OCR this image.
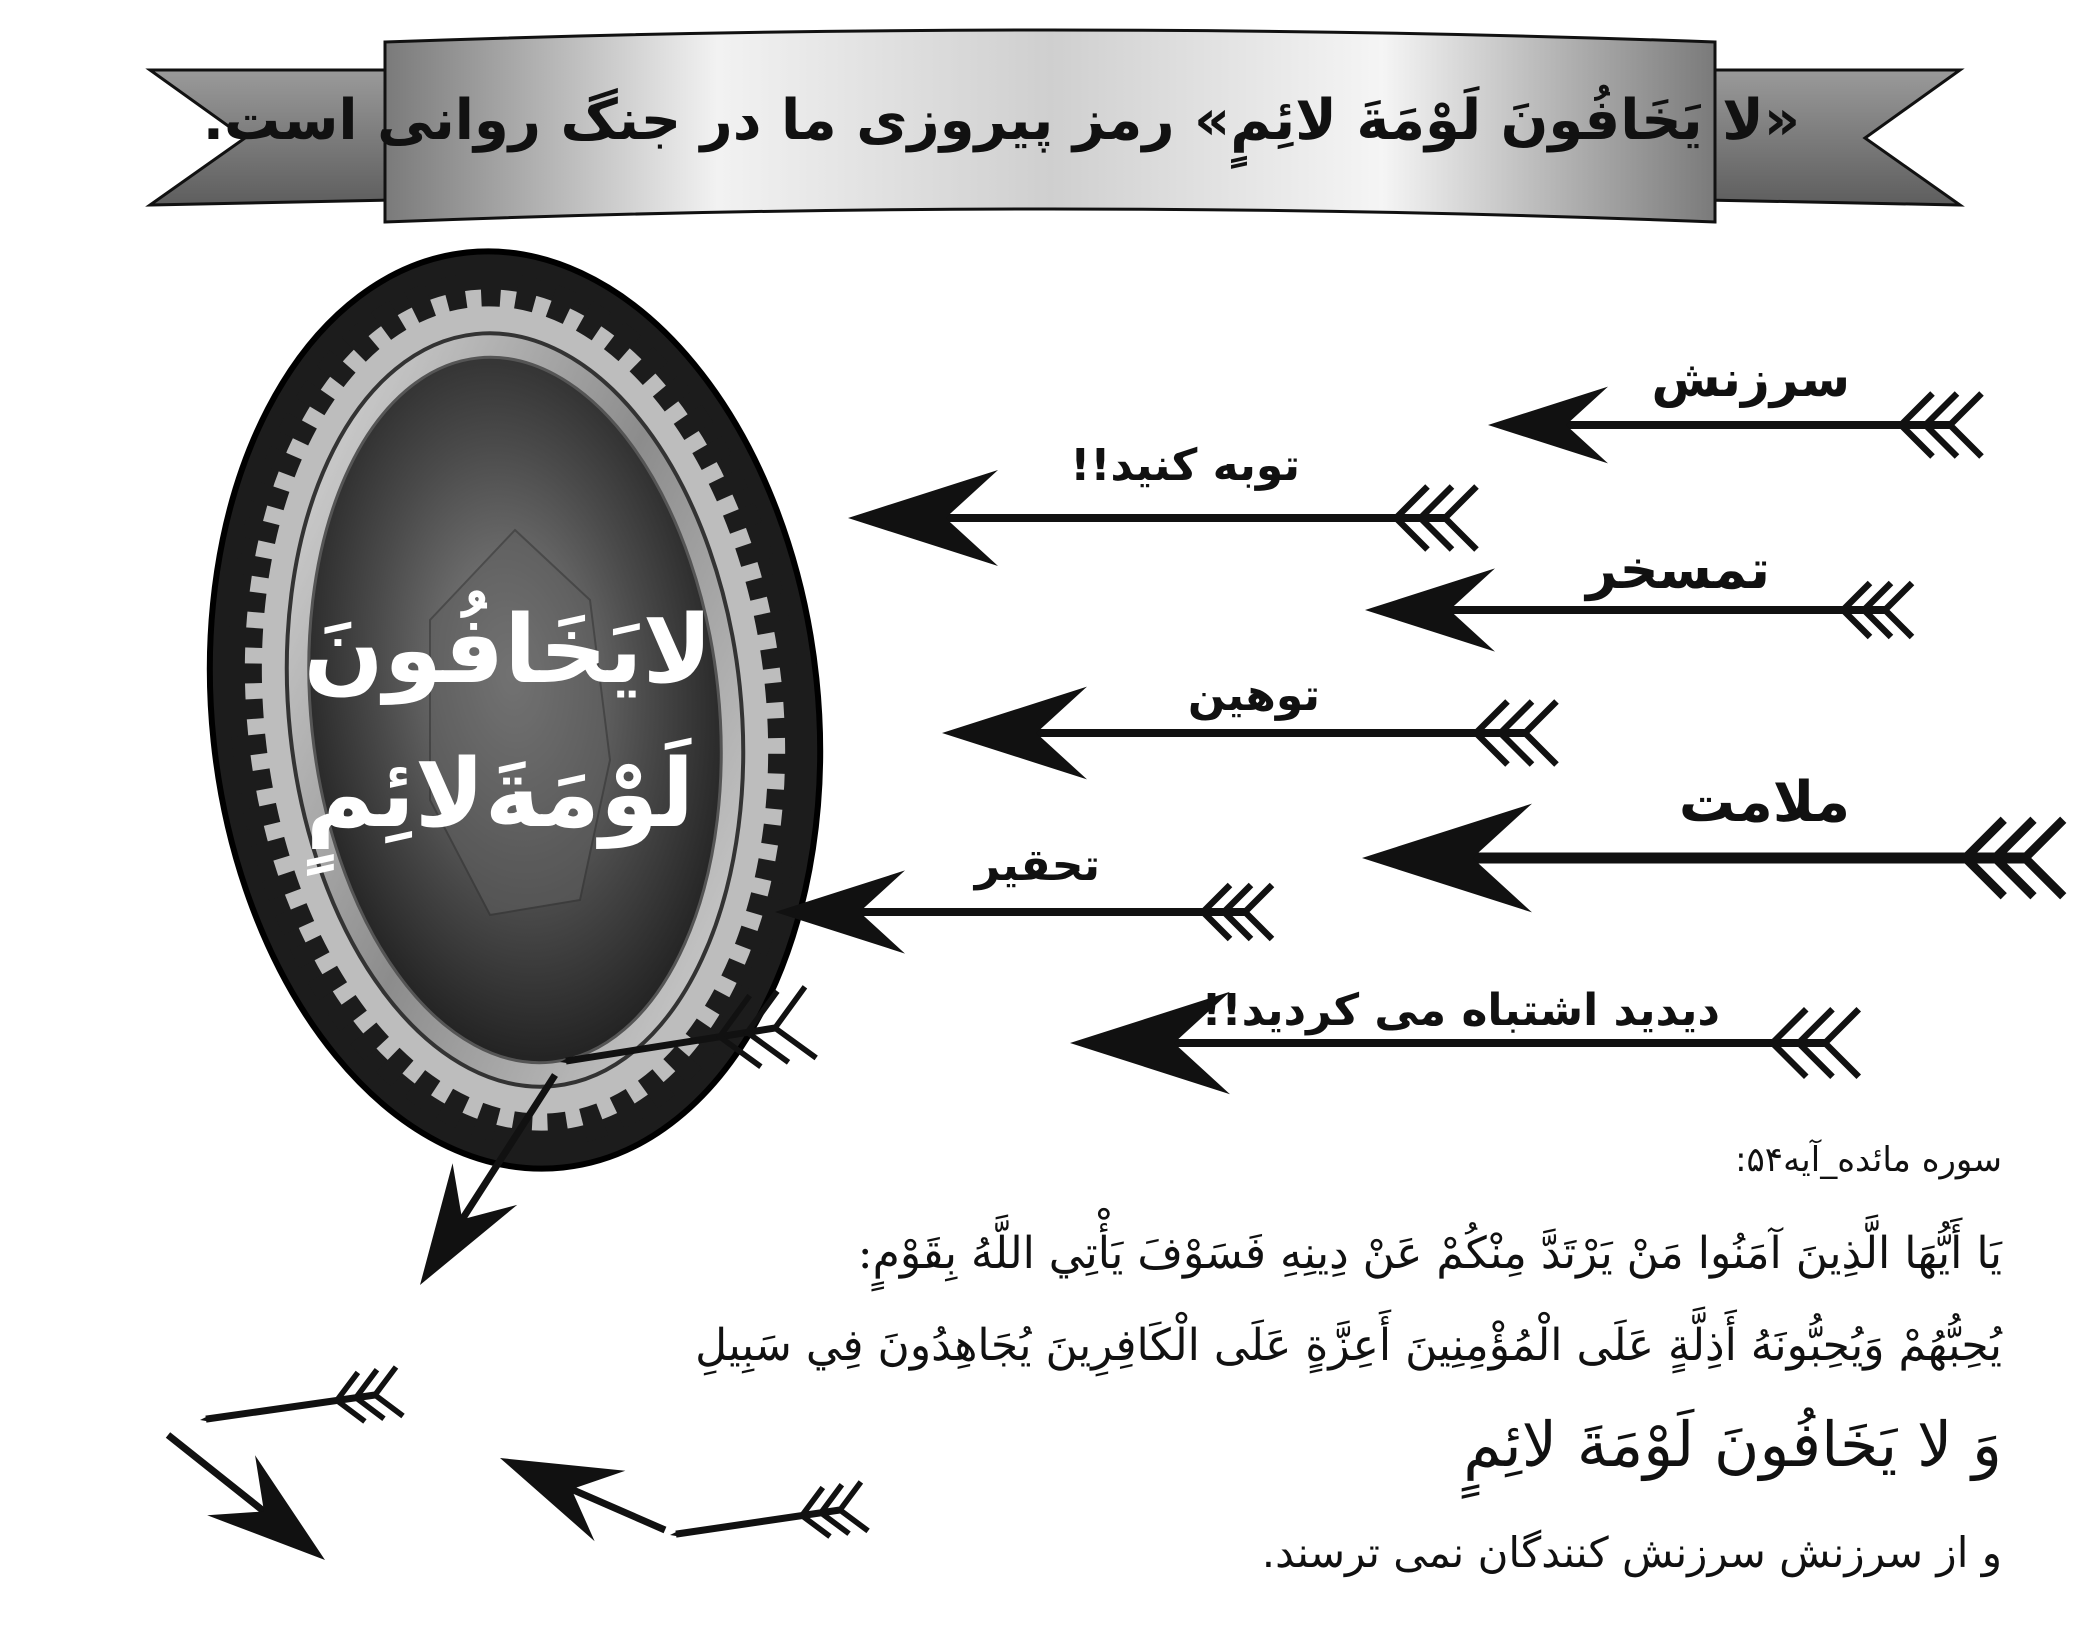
«لا یَخَافُونَ لَوْمَةَ لائِمٍ» رمز پیروزی ما در جنگ روانی است.
لایَخَافُونَ
لَوْمَةَلائِمٍ
سرزنش
توبه کنید!!
تمسخر
توهین
ملامت
تحقیر
دیدید اشتباه می کردید!!
سوره مائده_آیه۵۴:
يَا أَيُّهَا الَّذِينَ آمَنُوا مَنْ يَرْتَدَّ مِنْكُمْ عَنْ دِينِهِ فَسَوْفَ يَأْتِي اللَّهُ بِقَوْمٍ:
يُحِبُّهُمْ وَيُحِبُّونَهُ أَذِلَّةٍ عَلَى الْمُؤْمِنِينَ أَعِزَّةٍ عَلَى الْكَافِرِينَ يُجَاهِدُونَ فِي سَبِيلِ
وَ لا يَخَافُونَ لَوْمَةَ لائِمٍ
و از سرزنش سرزنش کنندگان نمی ترسند.
